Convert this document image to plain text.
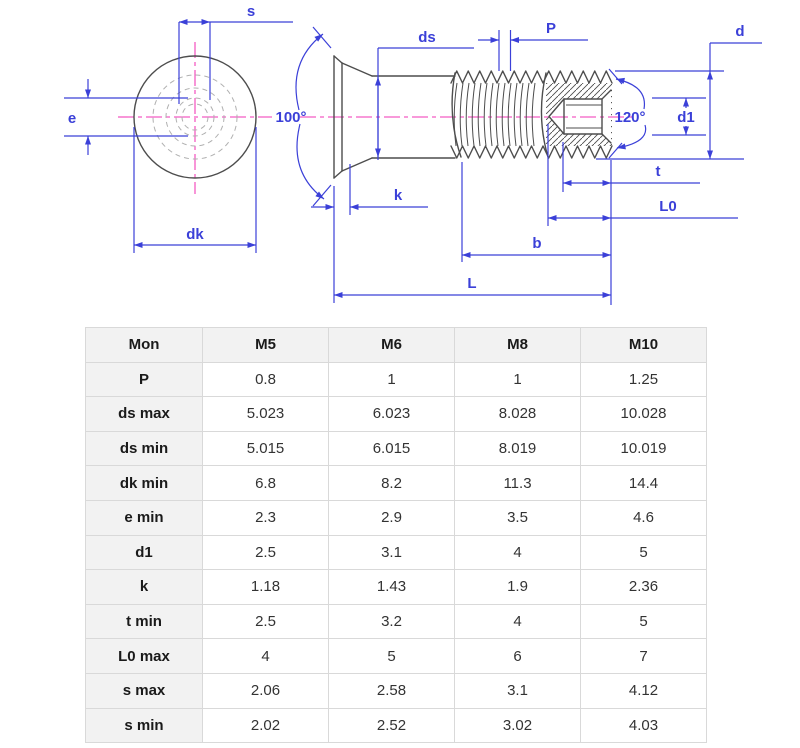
s
e
dk
100°
ds
P	d
120° d1
k
t
L0
b
L
Mon	M5	M6	M8	M10
P	0.8	1	1	1.25
ds max	5.023	6.023	8.028	10.028
ds min	5.015	6.015	8.019	10.019
dk min	6.8	8.2	11.3	14.4
e min	2.3	2.9	3.5	4.6
d1	2.5	3.1	4	5
k	1.18	1.43	1.9	2.36
t min	2.5	3.2	4	5
L0 max	4	5	6	7
s max	2.06	2.58	3.1	4.12
s min	2.02	2.52	3.02	4.03
